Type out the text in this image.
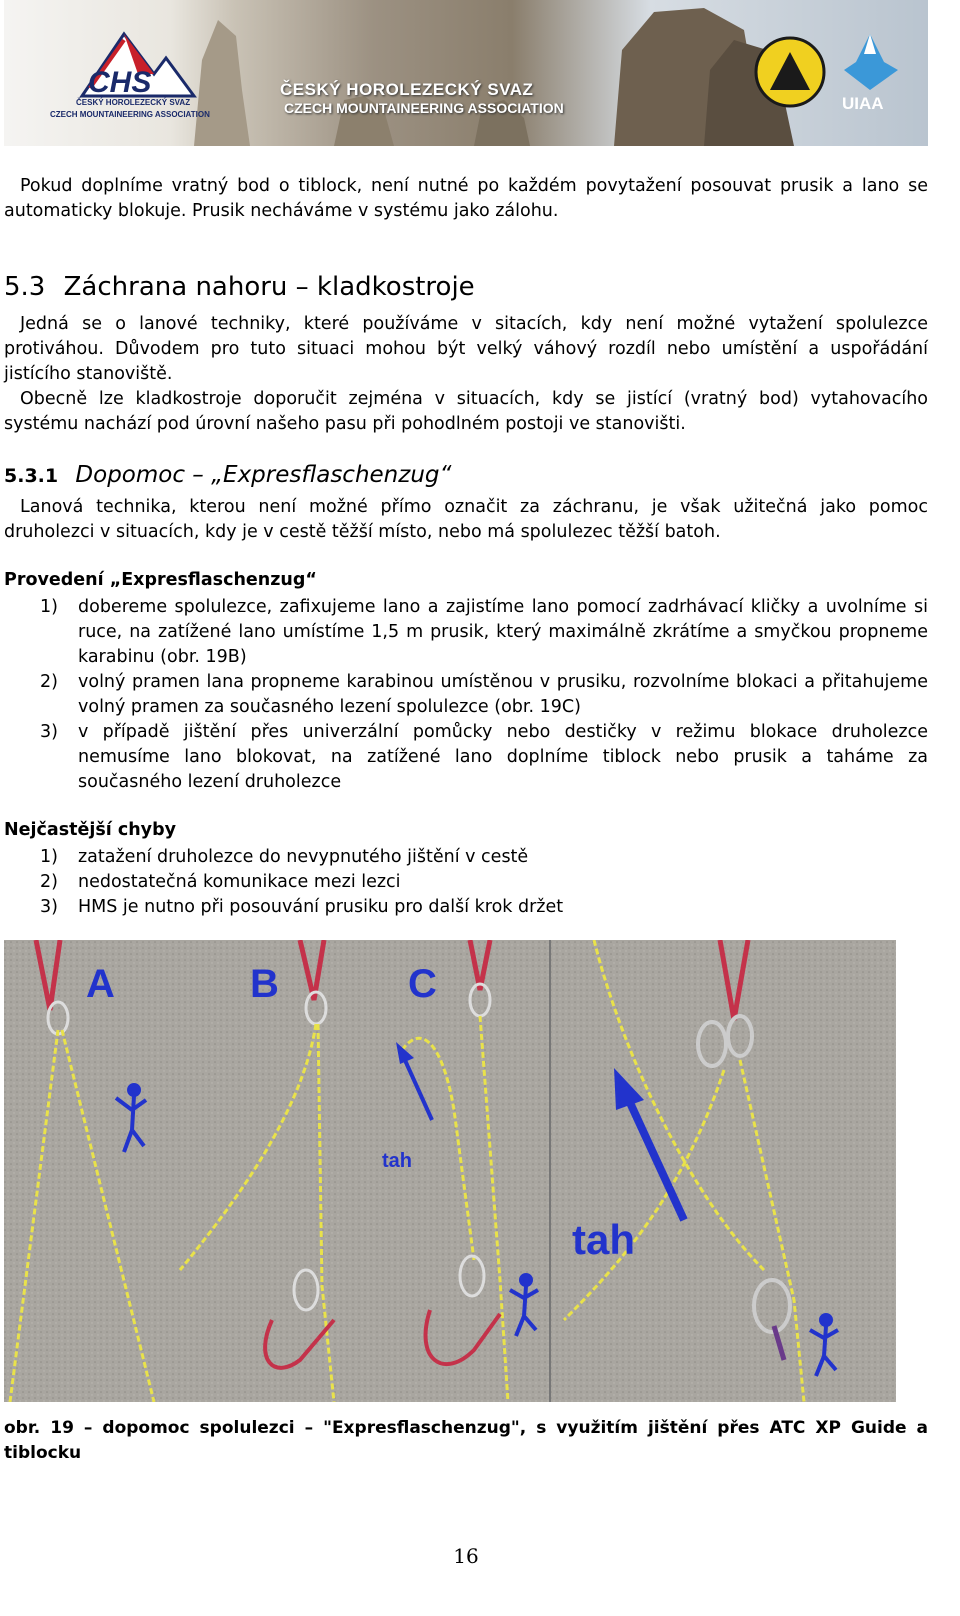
CHS
ČESKÝ HOROLEZECKÝ SVAZ
CZECH MOUNTAINEERING ASSOCIATION
ČESKÝ HOROLEZECKÝ SVAZ
CZECH MOUNTAINEERING ASSOCIATION	UIAA
Pokud doplníme vratný bod o tiblock, není nutné po každém povytažení posouvat prusik a lano se automaticky blokuje. Prusik necháváme v systému jako zálohu.
5.3 Záchrana nahoru – kladkostroje
Jedná se o lanové techniky, které používáme v sitacích, kdy není možné vytažení spolulezce protiváhou. Důvodem pro tuto situaci mohou být velký váhový rozdíl nebo umístění a uspořádání jistícího stanoviště.
Obecně lze kladkostroje doporučit zejména v situacích, kdy se jistící (vratný bod) vytahovacího systému nachází pod úrovní našeho pasu při pohodlném postoji ve stanovišti.
5.3.1 Dopomoc – „Expresflaschenzug“
Lanová technika, kterou není možné přímo označit za záchranu, je však užitečná jako pomoc druholezci v situacích, kdy je v cestě těžší místo, nebo má spolulezec těžší batoh.
Provedení „Expresflaschenzug“
1) dobereme spolulezce, zafixujeme lano a zajistíme lano pomocí zadrhávací kličky a uvolníme si ruce, na zatížené lano umístíme 1,5 m prusik, který maximálně zkrátíme a smyčkou propneme karabinu (obr. 19B)
2) volný pramen lana propneme karabinou umístěnou v prusiku, rozvolníme blokaci a přitahujeme volný pramen za současného lezení spolulezce (obr. 19C)
3) v případě jištění přes univerzální pomůcky nebo destičky v režimu blokace druholezce nemusíme lano blokovat, na zatížené lano doplníme tiblock nebo prusik a taháme za současného lezení druholezce
Nejčastější chyby
1) zatažení druholezce do nevypnutého jištění v cestě
2) nedostatečná komunikace mezi lezci
3) HMS je nutno při posouvání prusiku pro další krok držet
A	B	C
tah
tah
obr. 19 – dopomoc spolulezci – "Expresflaschenzug", s využitím jištění přes ATC XP Guide a tiblocku
16
